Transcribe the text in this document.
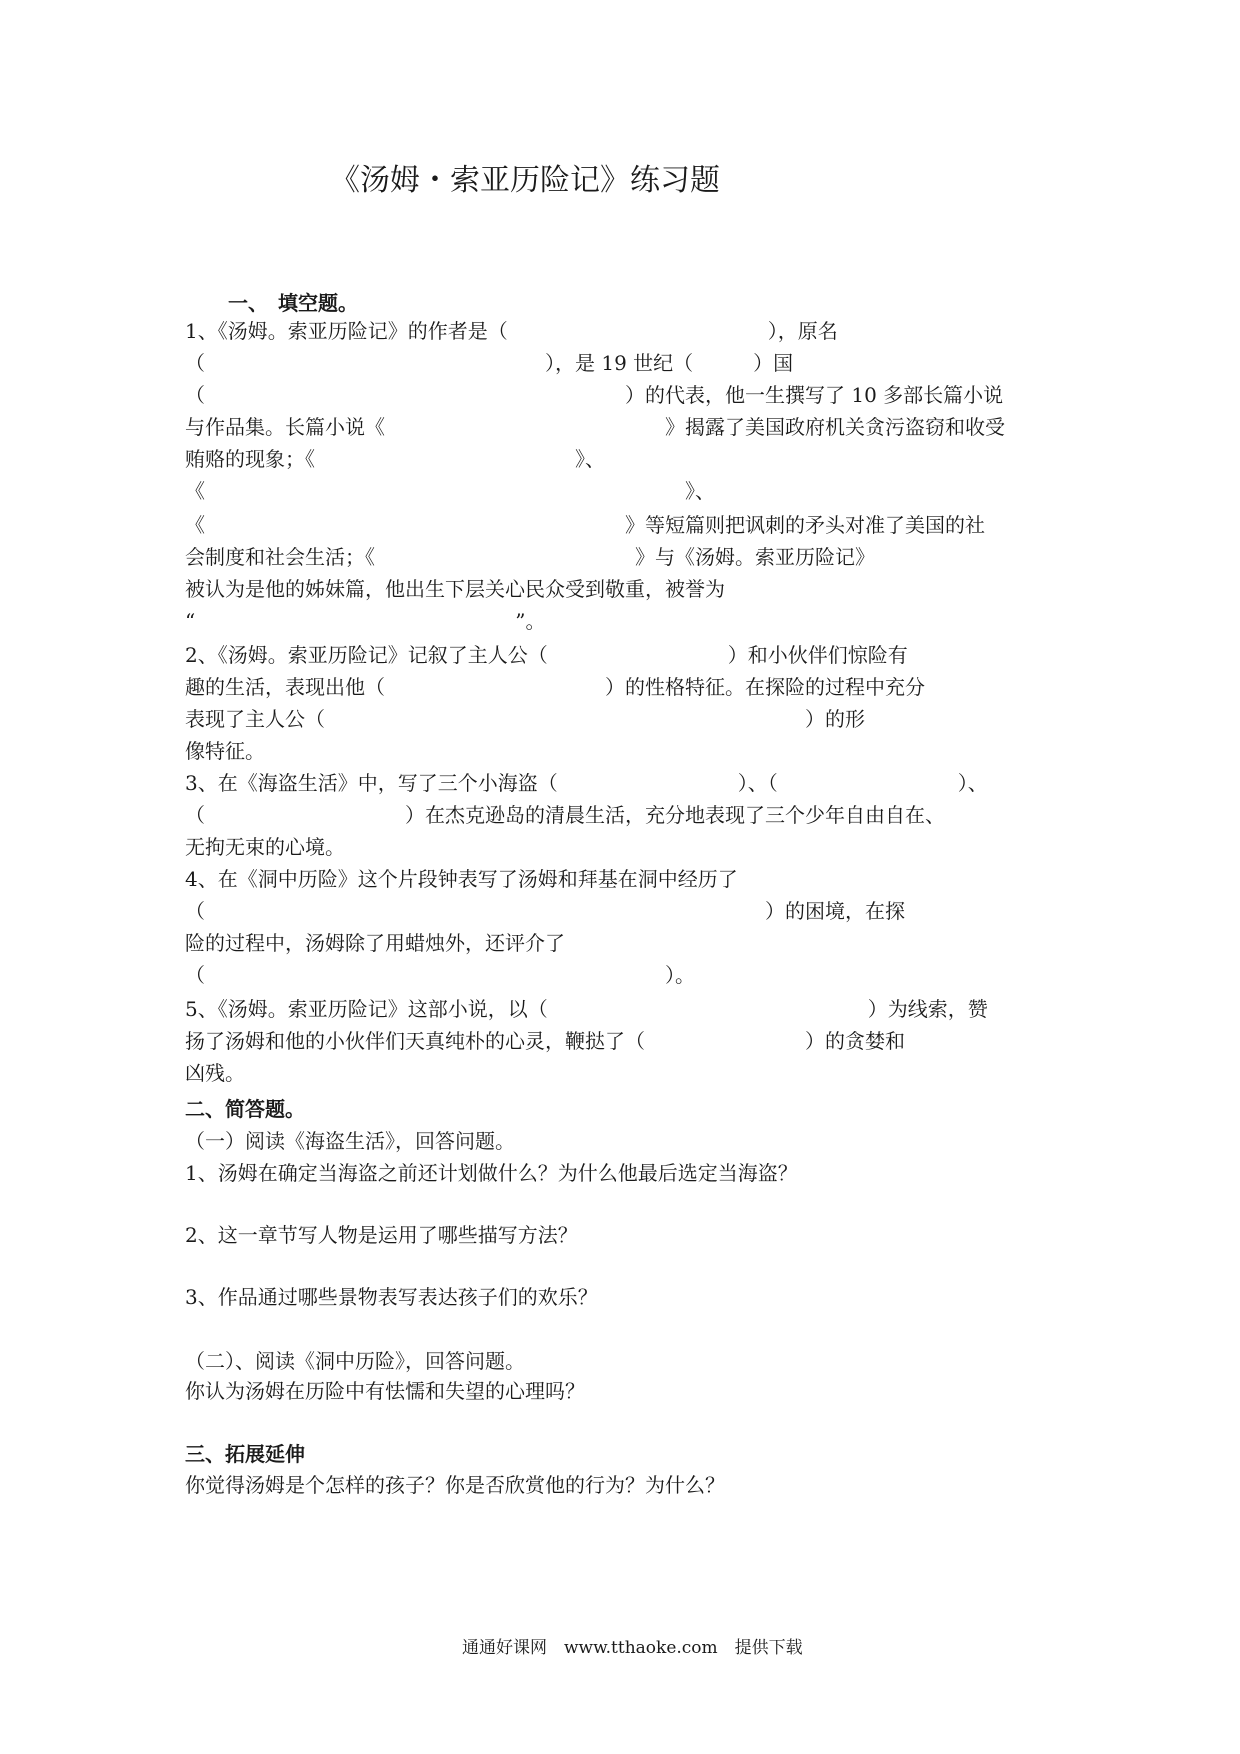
《汤姆・索亚历险记》练习题
一、　填空题。
1、《汤姆。索亚历险记》的作者是（　　　　　　　　　　　　　），原名
（　　　　　　　　　　　　　　　　　），是 19 世纪（　　　）国
（　　　　　　　　　　　　　　　　　　　　　）的代表，他一生撰写了 10 多部长篇小说
与作品集。长篇小说《　　　　　　　　　　　　　　》揭露了美国政府机关贪污盗窃和收受
贿赂的现象；《　　　　　　　　　　　　　》、
《　　　　　　　　　　　　　　　　　　　　　　　　》、
《　　　　　　　　　　　　　　　　　　　　　》等短篇则把讽刺的矛头对准了美国的社
会制度和社会生活；《　　　　　　　　　　　　　》与《汤姆。索亚历险记》
被认为是他的姊妹篇，他出生下层关心民众受到敬重，被誉为
“　　　　　　　　　　　　　　　　”。
2、《汤姆。索亚历险记》记叙了主人公（　　　　　　　　　）和小伙伴们惊险有
趣的生活，表现出他（　　　　　　　　　　　）的性格特征。在探险的过程中充分
表现了主人公（　　　　　　　　　　　　　　　　　　　　　　　　）的形
像特征。
3、在《海盗生活》中，写了三个小海盗（　　　　　　　　　）、（　　　　　　　　　）、
（　　　　　　　　　　）在杰克逊岛的清晨生活，充分地表现了三个少年自由自在、
无拘无束的心境。
4、在《洞中历险》这个片段钟表写了汤姆和拜基在洞中经历了
（　　　　　　　　　　　　　　　　　　　　　　　　　　　　）的困境，在探
险的过程中，汤姆除了用蜡烛外，还评介了
（　　　　　　　　　　　　　　　　　　　　　　　）。
5、《汤姆。索亚历险记》这部小说，以（　　　　　　　　　　　　　　　　）为线索，赞
扬了汤姆和他的小伙伴们天真纯朴的心灵，鞭挞了（　　　　　　　　）的贪婪和
凶残。
二、简答题。
（一）阅读《海盗生活》，回答问题。
1、汤姆在确定当海盗之前还计划做什么？为什么他最后选定当海盗？
2、这一章节写人物是运用了哪些描写方法？
3、作品通过哪些景物表写表达孩子们的欢乐？
（二）、阅读《洞中历险》，回答问题。
你认为汤姆在历险中有怯懦和失望的心理吗？
三、拓展延伸
你觉得汤姆是个怎样的孩子？你是否欣赏他的行为？为什么？
通通好课网　www.tthaoke.com　提供下载
